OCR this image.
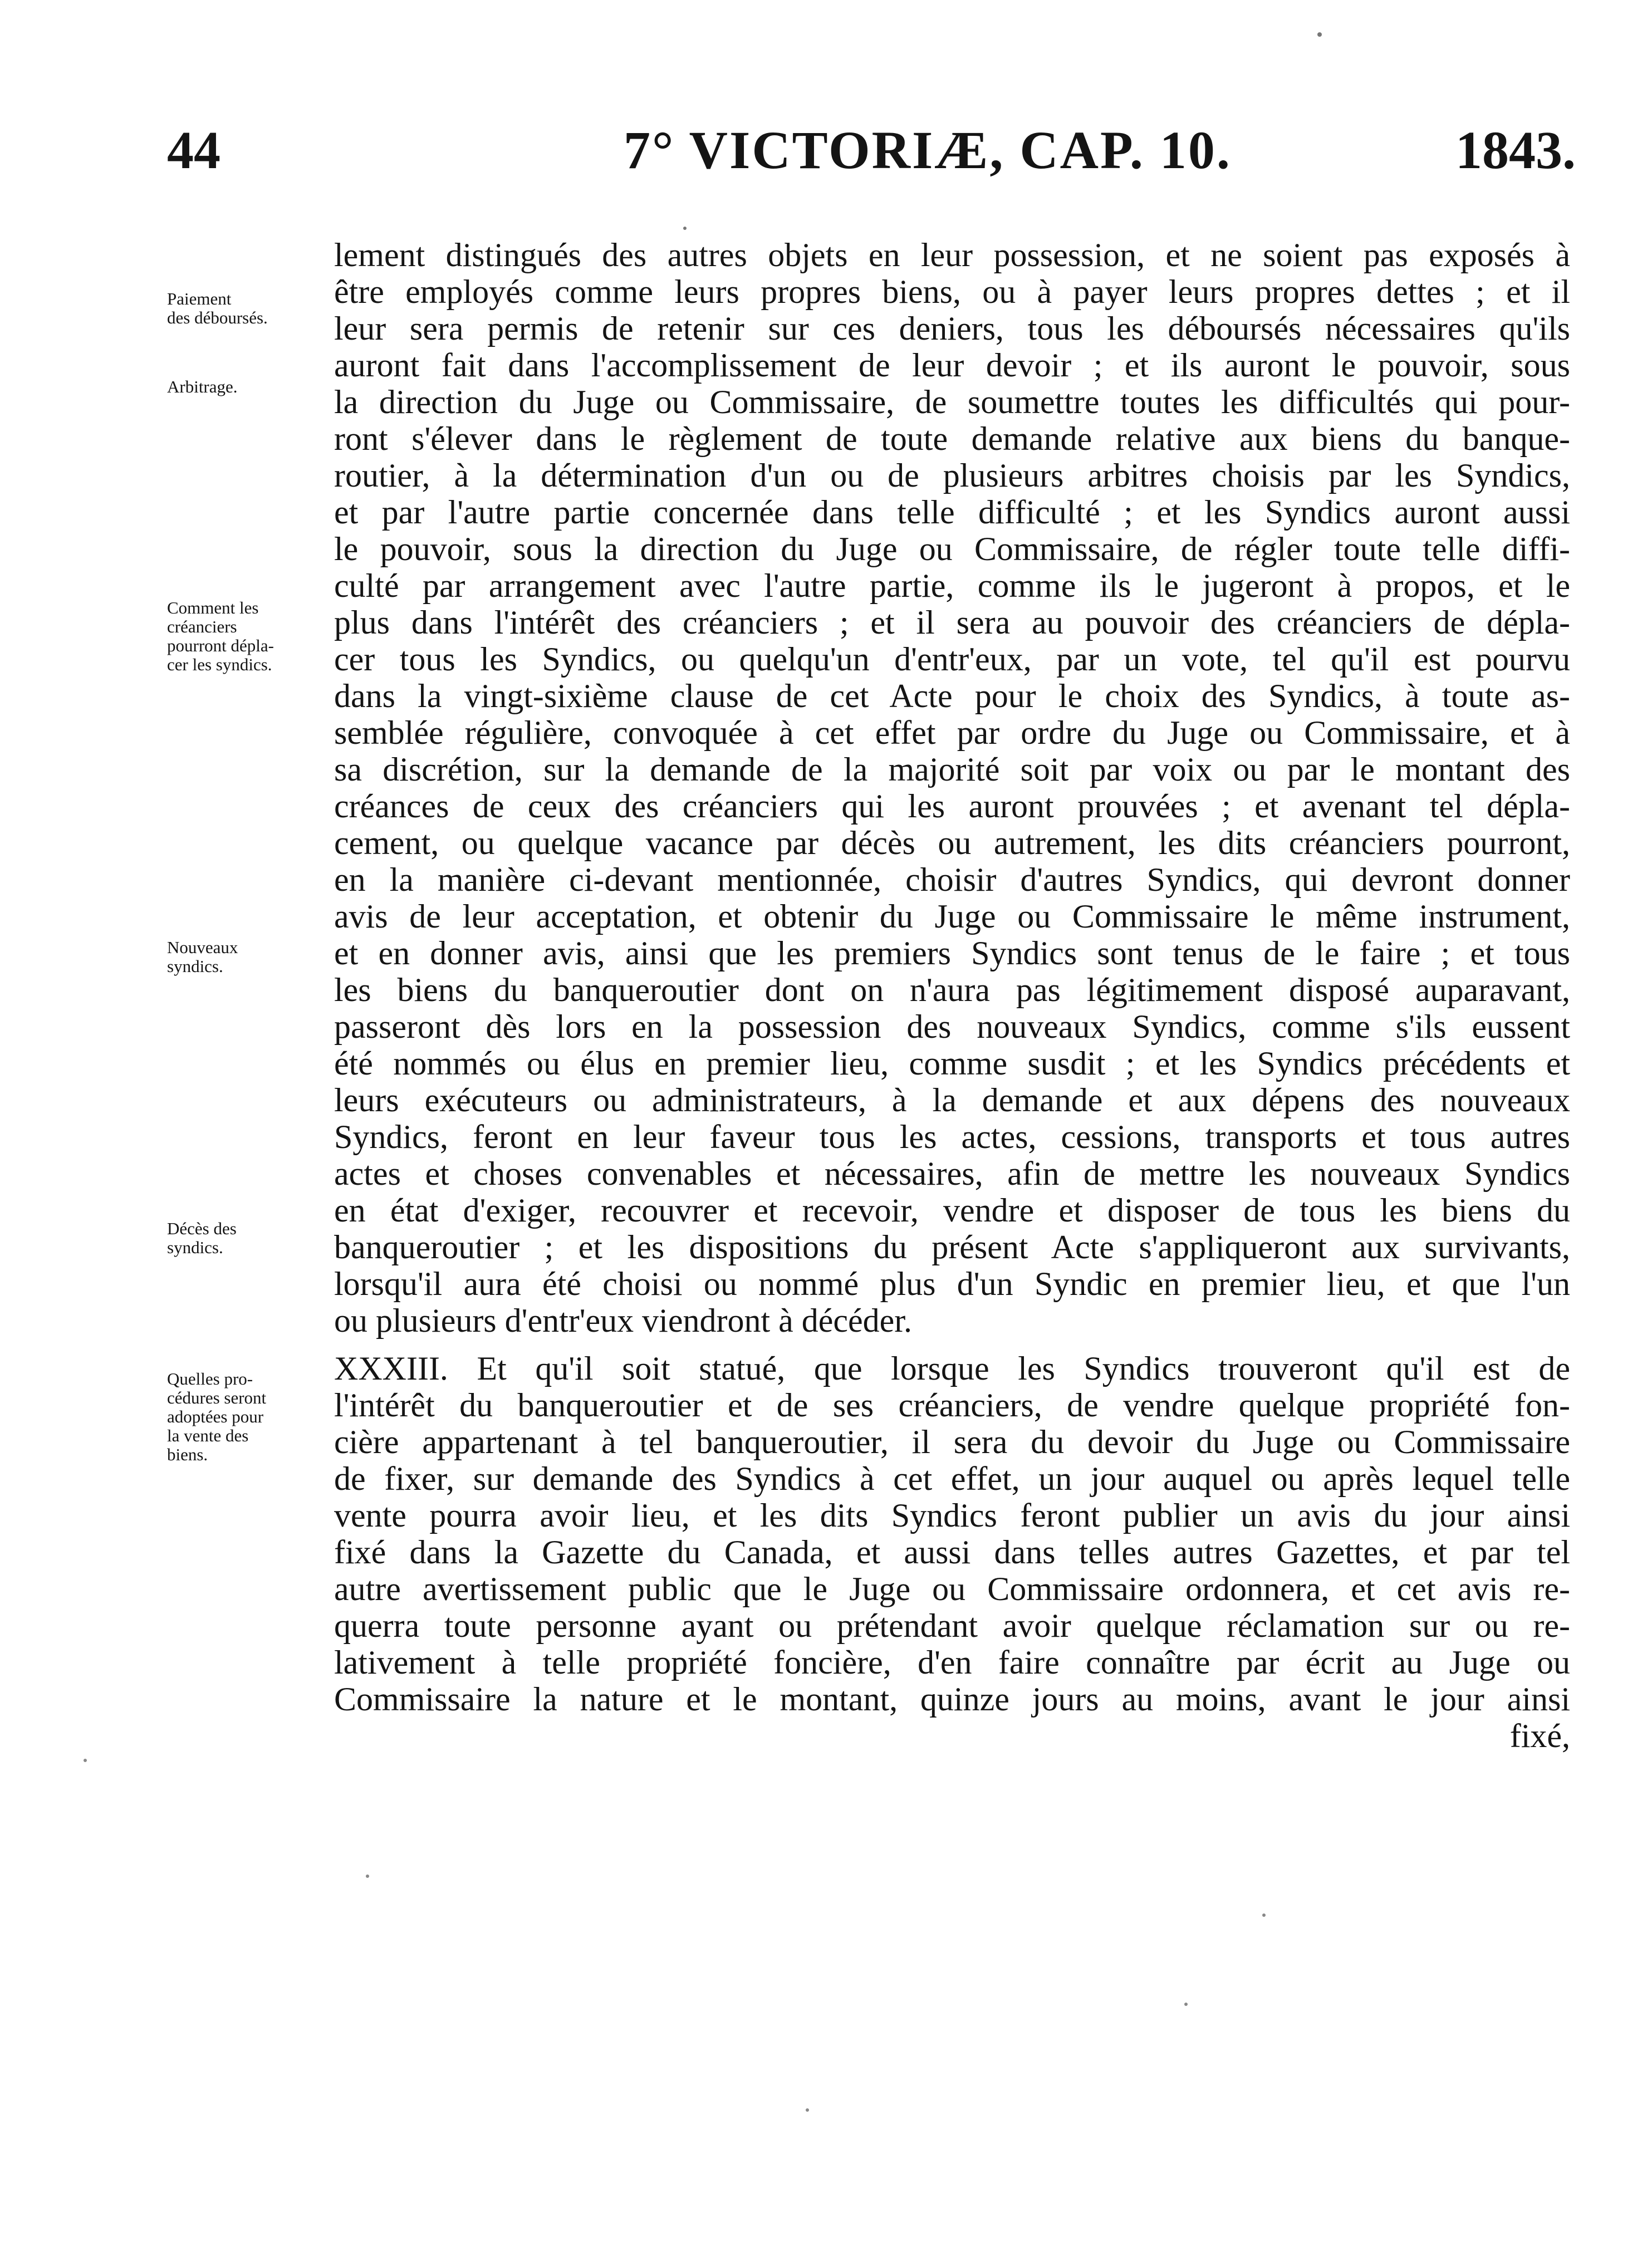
44	7° VICTORIÆ, CAP. 10.	1843.
Paiement
des déboursés.
Arbitrage.
Comment les
créanciers
pourront dépla-
cer les syndics.
Nouveaux
syndics.
Décès des
syndics.
Quelles pro-
cédures seront
adoptées pour
la vente des
biens.
lement distingués des autres objets en leur possession, et ne soient pas exposés à
être employés comme leurs propres biens, ou à payer leurs propres dettes ; et il
leur sera permis de retenir sur ces deniers, tous les déboursés nécessaires qu'ils
auront fait dans l'accomplissement de leur devoir ; et ils auront le pouvoir, sous
la direction du Juge ou Commissaire, de soumettre toutes les difficultés qui pour-
ront s'élever dans le règlement de toute demande relative aux biens du banque-
routier, à la détermination d'un ou de plusieurs arbitres choisis par les Syndics,
et par l'autre partie concernée dans telle difficulté ; et les Syndics auront aussi
le pouvoir, sous la direction du Juge ou Commissaire, de régler toute telle diffi-
culté par arrangement avec l'autre partie, comme ils le jugeront à propos, et le
plus dans l'intérêt des créanciers ; et il sera au pouvoir des créanciers de dépla-
cer tous les Syndics, ou quelqu'un d'entr'eux, par un vote, tel qu'il est pourvu
dans la vingt-sixième clause de cet Acte pour le choix des Syndics, à toute as-
semblée régulière, convoquée à cet effet par ordre du Juge ou Commissaire, et à
sa discrétion, sur la demande de la majorité soit par voix ou par le montant des
créances de ceux des créanciers qui les auront prouvées ; et avenant tel dépla-
cement, ou quelque vacance par décès ou autrement, les dits créanciers pourront,
en la manière ci-devant mentionnée, choisir d'autres Syndics, qui devront donner
avis de leur acceptation, et obtenir du Juge ou Commissaire le même instrument,
et en donner avis, ainsi que les premiers Syndics sont tenus de le faire ; et tous
les biens du banqueroutier dont on n'aura pas légitimement disposé auparavant,
passeront dès lors en la possession des nouveaux Syndics, comme s'ils eussent
été nommés ou élus en premier lieu, comme susdit ; et les Syndics précédents et
leurs exécuteurs ou administrateurs, à la demande et aux dépens des nouveaux
Syndics, feront en leur faveur tous les actes, cessions, transports et tous autres
actes et choses convenables et nécessaires, afin de mettre les nouveaux Syndics
en état d'exiger, recouvrer et recevoir, vendre et disposer de tous les biens du
banqueroutier ; et les dispositions du présent Acte s'appliqueront aux survivants,
lorsqu'il aura été choisi ou nommé plus d'un Syndic en premier lieu, et que l'un
ou plusieurs d'entr'eux viendront à décéder.
XXXIII. Et qu'il soit statué, que lorsque les Syndics trouveront qu'il est de
l'intérêt du banqueroutier et de ses créanciers, de vendre quelque propriété fon-
cière appartenant à tel banqueroutier, il sera du devoir du Juge ou Commissaire
de fixer, sur demande des Syndics à cet effet, un jour auquel ou après lequel telle
vente pourra avoir lieu, et les dits Syndics feront publier un avis du jour ainsi
fixé dans la Gazette du Canada, et aussi dans telles autres Gazettes, et par tel
autre avertissement public que le Juge ou Commissaire ordonnera, et cet avis re-
querra toute personne ayant ou prétendant avoir quelque réclamation sur ou re-
lativement à telle propriété foncière, d'en faire connaître par écrit au Juge ou
Commissaire la nature et le montant, quinze jours au moins, avant le jour ainsi
fixé,
